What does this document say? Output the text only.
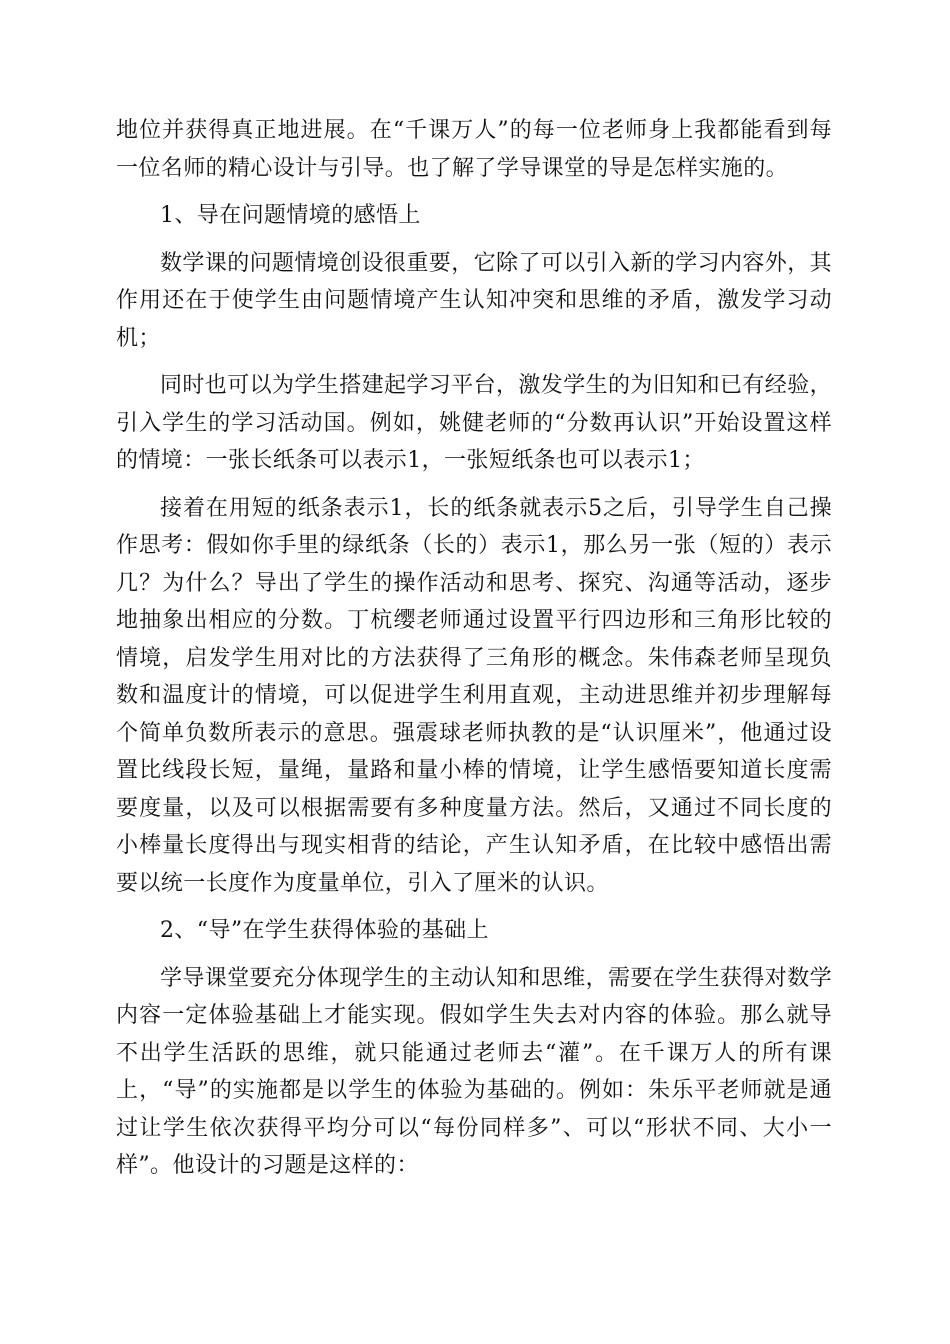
地位并获得真正地进展。在“千课万人”的每一位老师身上我都能看到每一位名师的精心设计与引导。也了解了学导课堂的导是怎样实施的。

1、导在问题情境的感悟上

数学课的问题情境创设很重要，它除了可以引入新的学习内容外，其作用还在于使学生由问题情境产生认知冲突和思维的矛盾，激发学习动机；

同时也可以为学生搭建起学习平台，激发学生的为旧知和已有经验，引入学生的学习活动国。例如，姚健老师的“分数再认识”开始设置这样的情境：一张长纸条可以表示1，一张短纸条也可以表示1；

接着在用短的纸条表示1，长的纸条就表示5之后，引导学生自己操作思考：假如你手里的绿纸条（长的）表示1，那么另一张（短的）表示几？为什么？导出了学生的操作活动和思考、探究、沟通等活动，逐步地抽象出相应的分数。丁杭缨老师通过设置平行四边形和三角形比较的情境，启发学生用对比的方法获得了三角形的概念。朱伟森老师呈现负数和温度计的情境，可以促进学生利用直观，主动进思维并初步理解每个简单负数所表示的意思。强震球老师执教的是“认识厘米”，他通过设置比线段长短，量绳，量路和量小棒的情境，让学生感悟要知道长度需要度量，以及可以根据需要有多种度量方法。然后，又通过不同长度的小棒量长度得出与现实相背的结论，产生认知矛盾，在比较中感悟出需要以统一长度作为度量单位，引入了厘米的认识。

2、“导”在学生获得体验的基础上

学导课堂要充分体现学生的主动认知和思维，需要在学生获得对数学内容一定体验基础上才能实现。假如学生失去对内容的体验。那么就导不出学生活跃的思维，就只能通过老师去“灌”。在千课万人的所有课上，“导”的实施都是以学生的体验为基础的。例如：朱乐平老师就是通过让学生依次获得平均分可以“每份同样多”、可以“形状不同、大小一样”。他设计的习题是这样的：
